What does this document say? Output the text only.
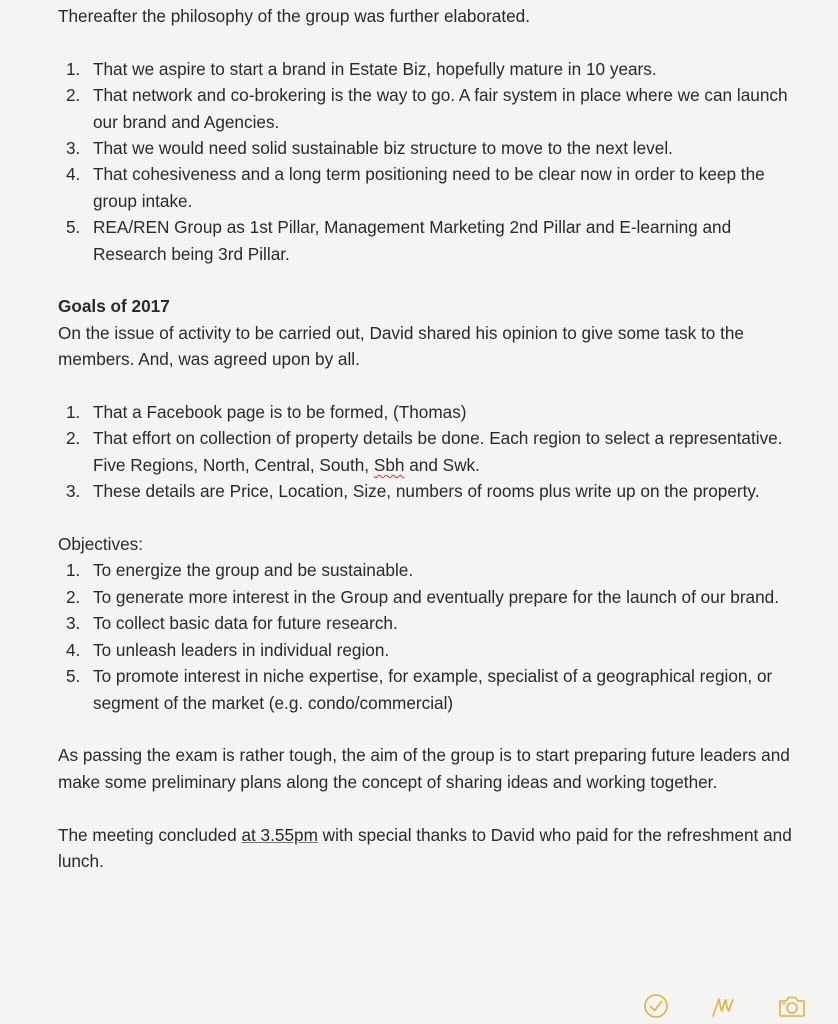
Thereafter the philosophy of the group was further elaborated.

1. That we aspire to start a brand in Estate Biz, hopefully mature in 10 years.
2. That network and co-brokering is the way to go. A fair system in place where we can launch our brand and Agencies.
3. That we would need solid sustainable biz structure to move to the next level.
4. That cohesiveness and a long term positioning need to be clear now in order to keep the group intake.
5. REA/REN Group as 1st Pillar, Management Marketing 2nd Pillar and E-learning and Research being 3rd Pillar.

Goals of 2017

On the issue of activity to be carried out, David shared his opinion to give some task to the members. And, was agreed upon by all.

1. That a Facebook page is to be formed, (Thomas)
2. That effort on collection of property details be done. Each region to select a representative. Five Regions, North, Central, South, Sbh and Swk.
3. These details are Price, Location, Size, numbers of rooms plus write up on the property.

Objectives:

1. To energize the group and be sustainable.
2. To generate more interest in the Group and eventually prepare for the launch of our brand.
3. To collect basic data for future research.
4. To unleash leaders in individual region.
5. To promote interest in niche expertise, for example, specialist of a geographical region, or segment of the market (e.g. condo/commercial)

As passing the exam is rather tough, the aim of the group is to start preparing future leaders and make some preliminary plans along the concept of sharing ideas and working together.

The meeting concluded at 3.55pm with special thanks to David who paid for the refreshment and lunch.
